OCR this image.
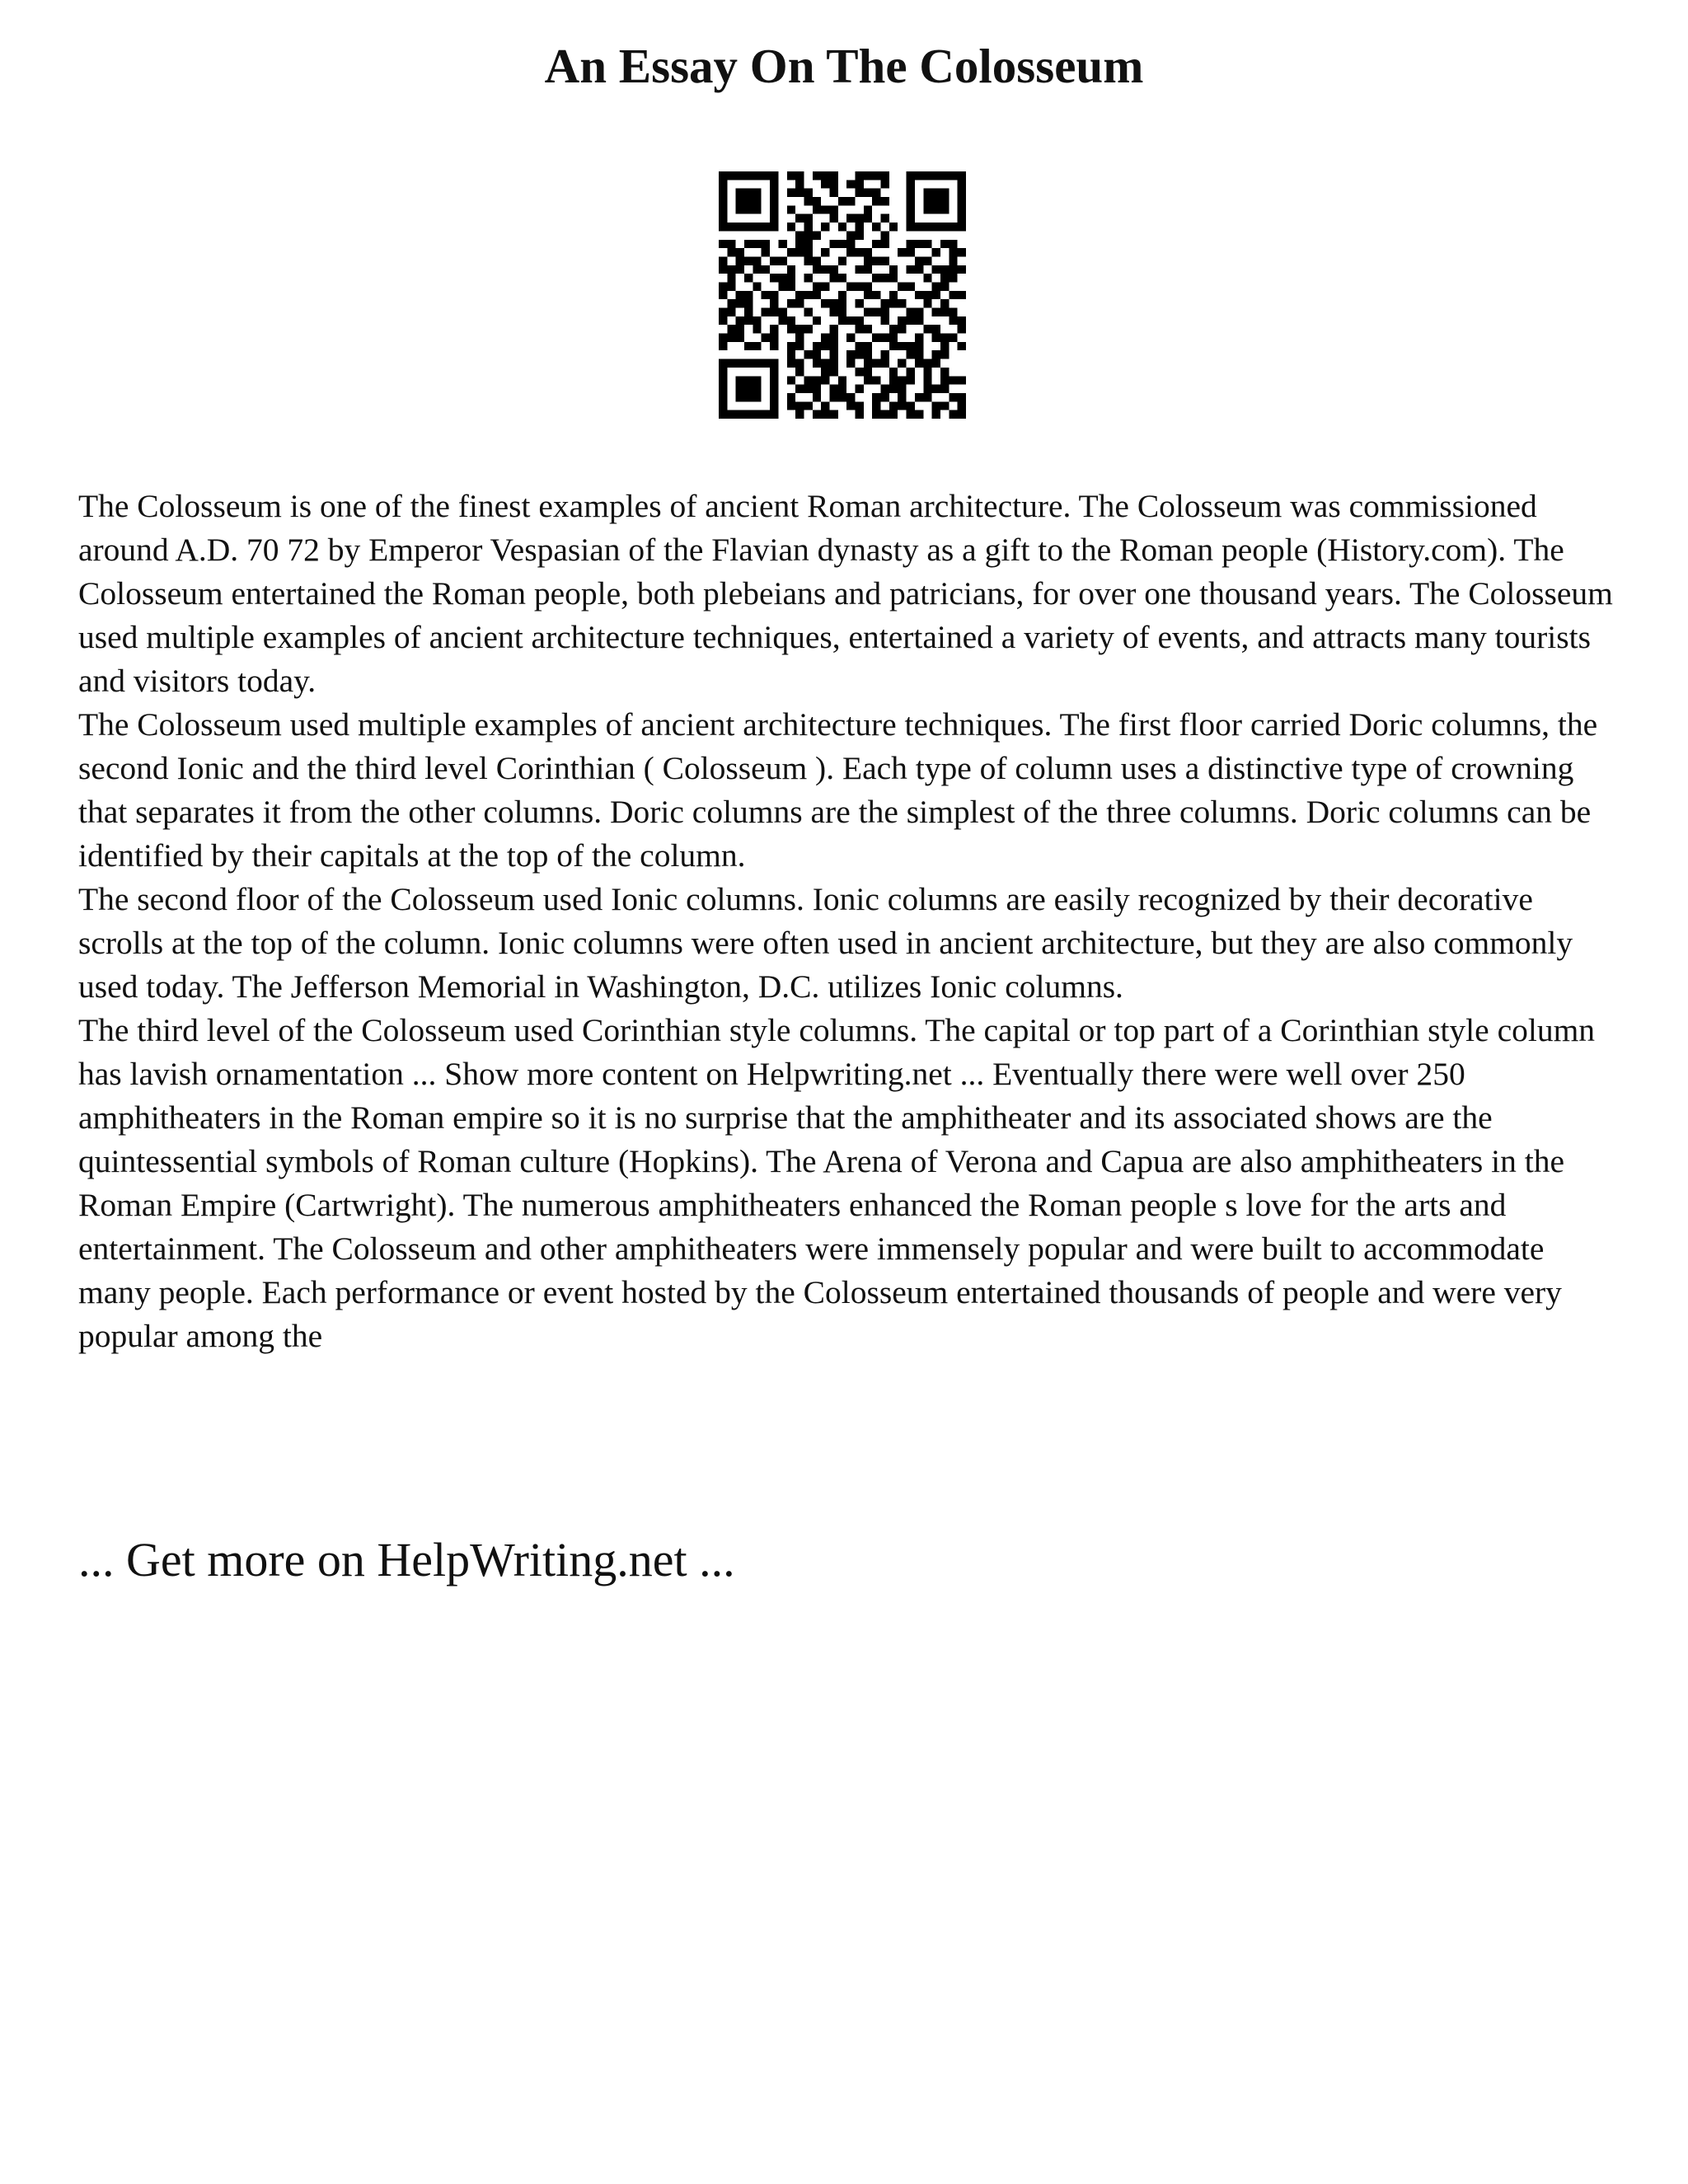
An Essay On The Colosseum

The Colosseum is one of the finest examples of ancient Roman architecture. The Colosseum was commissioned around A.D. 70 72 by Emperor Vespasian of the Flavian dynasty as a gift to the Roman people (History.com). The Colosseum entertained the Roman people, both plebeians and patricians, for over one thousand years. The Colosseum used multiple examples of ancient architecture techniques, entertained a variety of events, and attracts many tourists and visitors today.

The Colosseum used multiple examples of ancient architecture techniques. The first floor carried Doric columns, the second Ionic and the third level Corinthian ( Colosseum ). Each type of column uses a distinctive type of crowning that separates it from the other columns. Doric columns are the simplest of the three columns. Doric columns can be identified by their capitals at the top of the column.

The second floor of the Colosseum used Ionic columns. Ionic columns are easily recognized by their decorative scrolls at the top of the column. Ionic columns were often used in ancient architecture, but they are also commonly used today. The Jefferson Memorial in Washington, D.C. utilizes Ionic columns.

The third level of the Colosseum used Corinthian style columns. The capital or top part of a Corinthian style column has lavish ornamentation ... Show more content on Helpwriting.net ... Eventually there were well over 250 amphitheaters in the Roman empire so it is no surprise that the amphitheater and its associated shows are the quintessential symbols of Roman culture (Hopkins). The Arena of Verona and Capua are also amphitheaters in the Roman Empire (Cartwright). The numerous amphitheaters enhanced the Roman people s love for the arts and entertainment. The Colosseum and other amphitheaters were immensely popular and were built to accommodate many people. Each performance or event hosted by the Colosseum entertained thousands of people and were very popular among the

... Get more on HelpWriting.net ...
